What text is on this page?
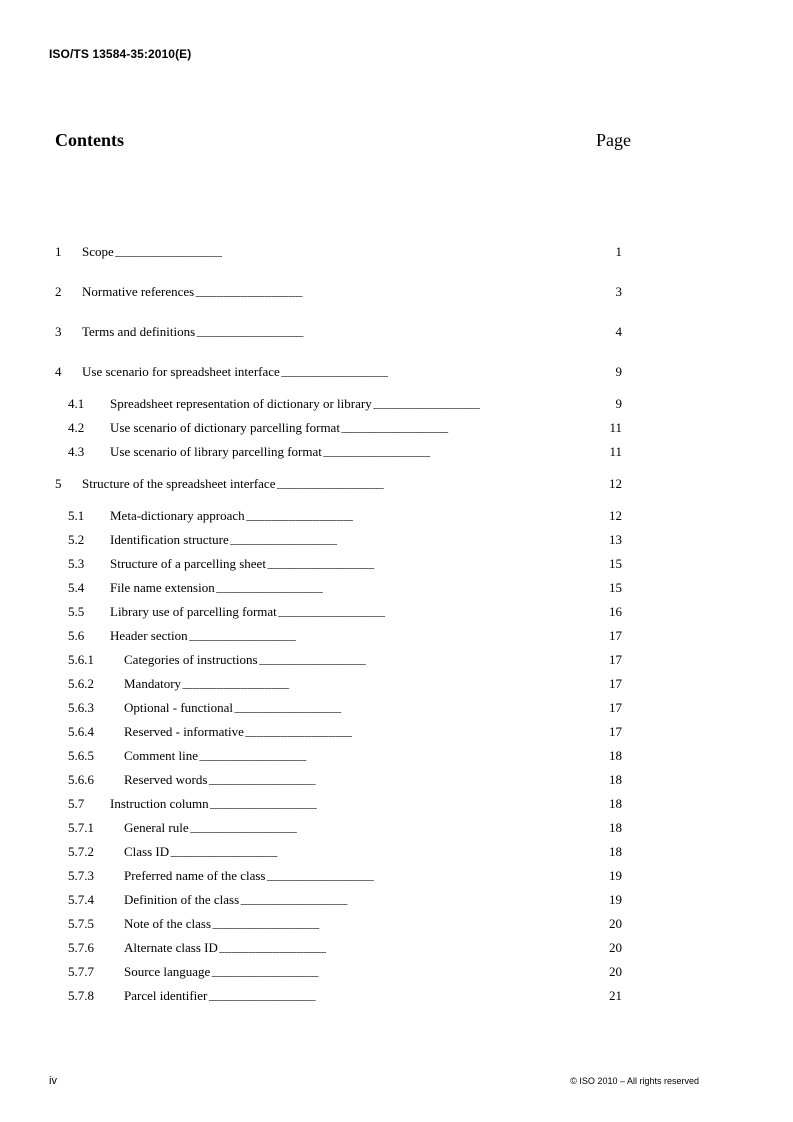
ISO/TS 13584-35:2010(E)
Contents	Page
1	Scope . . .	1
2	Normative references . . .	3
3	Terms and definitions . . .	4
4	Use scenario for spreadsheet interface . . .	9
4.1	Spreadsheet representation of dictionary or library . . .	9
4.2	Use scenario of dictionary parcelling format . . .	11
4.3	Use scenario of library parcelling format . . .	11
5	Structure of the spreadsheet interface . . .	12
5.1	Meta-dictionary approach . . .	12
5.2	Identification structure . . .	13
5.3	Structure of a parcelling sheet . . .	15
5.4	File name extension . . .	15
5.5	Library use of parcelling format . . .	16
5.6	Header section . . .	17
5.6.1	Categories of instructions . . .	17
5.6.2	Mandatory . . .	17
5.6.3	Optional - functional . . .	17
5.6.4	Reserved - informative . . .	17
5.6.5	Comment line . . .	18
5.6.6	Reserved words . . .	18
5.7	Instruction column . . .	18
5.7.1	General rule . . .	18
5.7.2	Class ID . . .	18
5.7.3	Preferred name of the class . . .	19
5.7.4	Definition of the class . . .	19
5.7.5	Note of the class . . .	20
5.7.6	Alternate class ID . . .	20
5.7.7	Source language . . .	20
5.7.8	Parcel identifier . . .	21
iv	© ISO 2010 – All rights reserved
